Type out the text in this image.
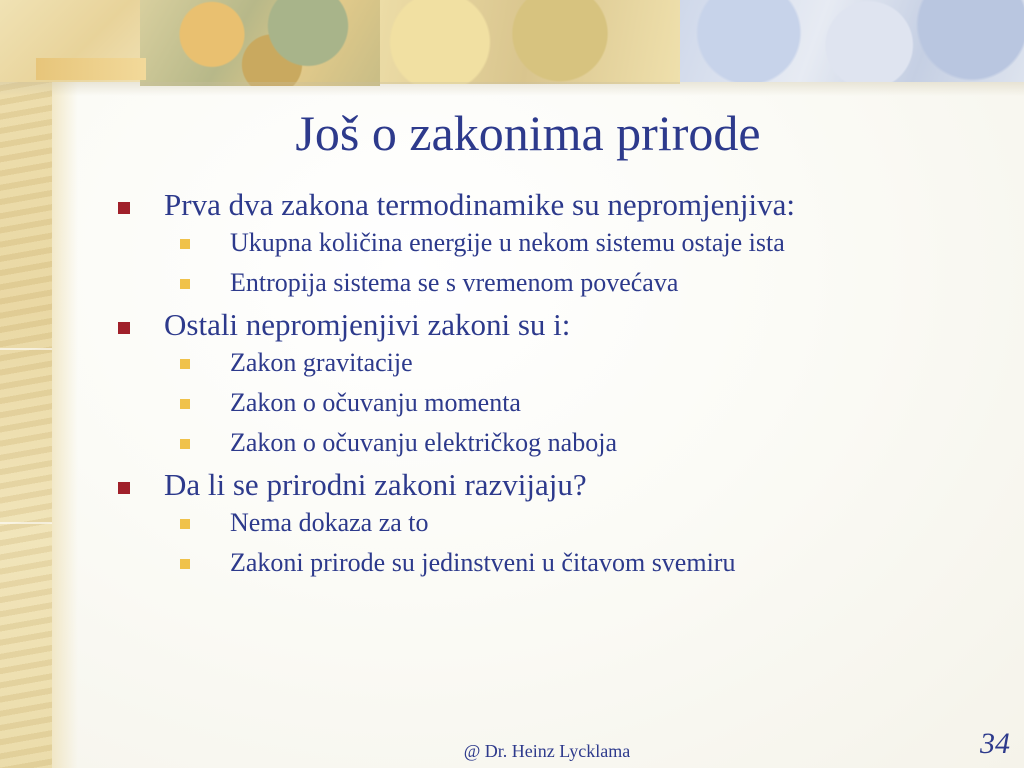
Još o zakonima prirode
Prva dva zakona termodinamike su nepromjenjiva:
Ukupna količina energije u nekom sistemu ostaje ista
Entropija sistema se s vremenom povećava
Ostali nepromjenjivi zakoni su i:
Zakon gravitacije
Zakon o očuvanju momenta
Zakon o očuvanju električkog naboja
Da li se prirodni zakoni razvijaju?
Nema dokaza za to
Zakoni prirode su jedinstveni u čitavom svemiru
@ Dr. Heinz Lycklama	34
